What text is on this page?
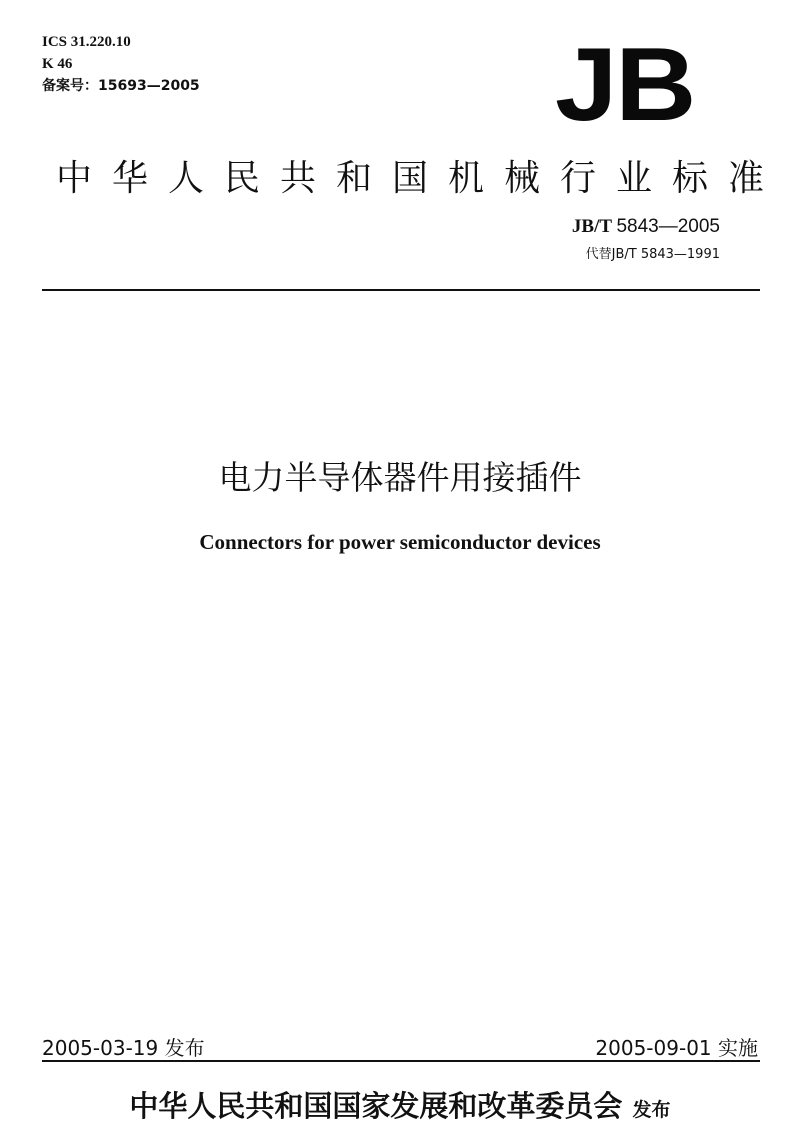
ICS 31.220.10
K 46
备案号：15693—2005	JB
中华人民共和国机械行业标准
JB/T 5843—2005
代替JB/T 5843—1991
电力半导体器件用接插件
Connectors for power semiconductor devices
2005-03-19 发布	2005-09-01 实施
中华人民共和国国家发展和改革委员会 发布
